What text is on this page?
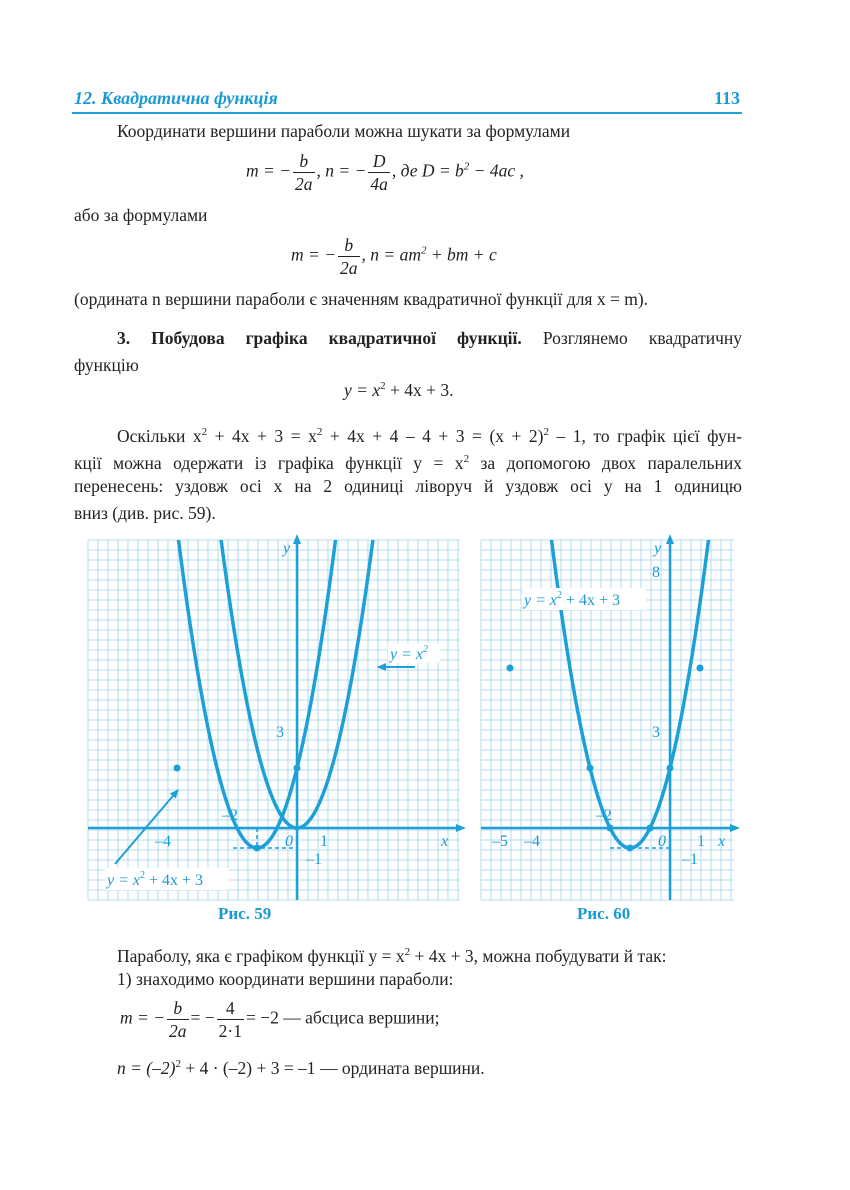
12. Квадратична функція	113
Координати вершини параболи можна шукати за формулами
m = − $\frac{b}{2a}$ , n = − $\frac{D}{4a}$ , де $D = b^2 - 4ac$ ,
або за формулами
m = − $\frac{b}{2a}$ , $n = am^2$ + bm + c
(ордината n вершини параболи є значенням квадратичної функції для x = m).
3. Побудова графіка квадратичної функції. Розглянемо квадратичну
функцію
$y = x^2 + 4x + 3$.
Оскільки $x^2 + 4x + 3 = x^2 + 4x + 4 - 4 + 3 = (x + 2)^2 - 1$, то графік цієї фун-
кції можна одержати із графіка функції $y = x^2$ за допомогою двох паралельних
перенесень: уздовж осі x на 2 одиниці ліворуч й уздовж осі y на 1 одиницю
вниз (див. рис. 59).
y
x
3
–2
–4	0 1
–1
$y = x^2$
$y = x^2 + 4x + 3$
y
x
8
3
–2
–5 –4	0 1
–1
$y = x^2 + 4x + 3$
Рис. 59	Рис. 60
Параболу, яка є графіком функції $y = x^2 + 4x + 3$, можна побудувати й так:
1) знаходимо координати вершини параболи:
m = − $\frac{b}{2a}$ = − $\frac{4}{2\cdot 1} = -2$ — абсциса вершини;
$n = (-2)^2 + 4 \cdot (-2) + 3 = -1$ — ордината вершини.
